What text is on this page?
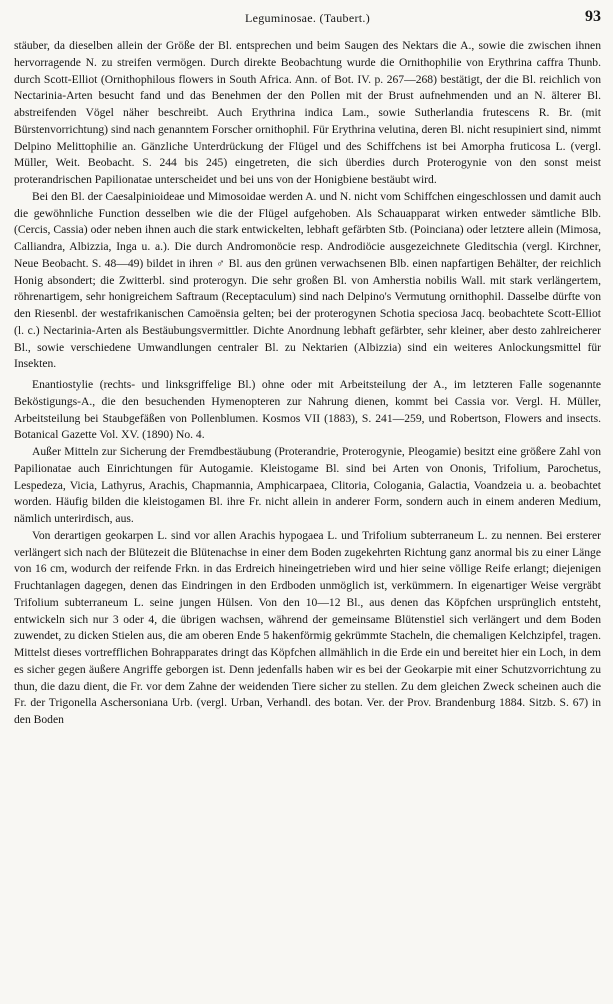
Leguminosae. (Taubert.)	93

stäuber, da dieselben allein der Größe der Bl. entsprechen und beim Saugen des Nektars die A., sowie die zwischen ihnen hervorragende N. zu streifen vermögen. Durch direkte Beobachtung wurde die Ornithophilie von Erythrina caffra Thunb. durch Scott-Elliot (Ornithophilous flowers in South Africa. Ann. of Bot. IV. p. 267—268) bestätigt, der die Bl. reichlich von Nectarinia-Arten besucht fand und das Benehmen der den Pollen mit der Brust aufnehmenden und an N. älterer Bl. abstreifenden Vögel näher beschreibt. Auch Erythrina indica Lam., sowie Sutherlandia frutescens R. Br. (mit Bürstenvorrichtung) sind nach genanntem Forscher ornithophil. Für Erythrina velutina, deren Bl. nicht resupiniert sind, nimmt Delpino Melittophilie an. Gänzliche Unterdrückung der Flügel und des Schiffchens ist bei Amorpha fruticosa L. (vergl. Müller, Weit. Beobacht. S. 244 bis 245) eingetreten, die sich überdies durch Proterogynie von den sonst meist proterandrischen Papilionatae unterscheidet und bei uns von der Honigbiene bestäubt wird.

Bei den Bl. der Caesalpinioideae und Mimosoidae werden A. und N. nicht vom Schiffchen eingeschlossen und damit auch die gewöhnliche Function desselben wie die der Flügel aufgehoben. Als Schauapparat wirken entweder sämtliche Blb. (Cercis, Cassia) oder neben ihnen auch die stark entwickelten, lebhaft gefärbten Stb. (Poinciana) oder letztere allein (Mimosa, Calliandra, Albizzia, Inga u. a.). Die durch Andromonöcie resp. Androdiöcie ausgezeichnete Gleditschia (vergl. Kirchner, Neue Beobacht. S. 48—49) bildet in ihren ♂ Bl. aus den grünen verwachsenen Blb. einen napfartigen Behälter, der reichlich Honig absondert; die Zwitterbl. sind proterogyn. Die sehr großen Bl. von Amherstia nobilis Wall. mit stark verlängertem, röhrenartigem, sehr honigreichem Saftraum (Receptaculum) sind nach Delpino's Vermutung ornithophil. Dasselbe dürfte von den Riesenbl. der westafrikanischen Camoënsia gelten; bei der proterogynen Schotia speciosa Jacq. beobachtete Scott-Elliot (l. c.) Nectarinia-Arten als Bestäubungsvermittler. Dichte Anordnung lebhaft gefärbter, sehr kleiner, aber desto zahlreicherer Bl., sowie verschiedene Umwandlungen centraler Bl. zu Nektarien (Albizzia) sind ein weiteres Anlockungsmittel für Insekten.

Enantiostylie (rechts- und linksgriffelige Bl.) ohne oder mit Arbeitsteilung der A., im letzteren Falle sogenannte Beköstigungs-A., die den besuchenden Hymenopteren zur Nahrung dienen, kommt bei Cassia vor. Vergl. H. Müller, Arbeitsteilung bei Staubgefäßen von Pollenblumen. Kosmos VII (1883), S. 241—259, und Robertson, Flowers and insects. Botanical Gazette Vol. XV. (1890) No. 4.

Außer Mitteln zur Sicherung der Fremdbestäubung (Proterandrie, Proterogynie, Pleogamie) besitzt eine größere Zahl von Papilionatae auch Einrichtungen für Autogamie. Kleistogame Bl. sind bei Arten von Ononis, Trifolium, Parochetus, Lespedeza, Vicia, Lathyrus, Arachis, Chapmannia, Amphicarpaea, Clitoria, Cologania, Galactia, Voandzeia u. a. beobachtet worden. Häufig bilden die kleistogamen Bl. ihre Fr. nicht allein in anderer Form, sondern auch in einem anderen Medium, nämlich unterirdisch, aus.

Von derartigen geokarpen L. sind vor allen Arachis hypogaea L. und Trifolium subterraneum L. zu nennen. Bei ersterer verlängert sich nach der Blütezeit die Blütenachse in einer dem Boden zugekehrten Richtung ganz anormal bis zu einer Länge von 16 cm, wodurch der reifende Frkn. in das Erdreich hineingetrieben wird und hier seine völlige Reife erlangt; diejenigen Fruchtanlagen dagegen, denen das Eindringen in den Erdboden unmöglich ist, verkümmern. In eigenartiger Weise vergräbt Trifolium subterraneum L. seine jungen Hülsen. Von den 10—12 Bl., aus denen das Köpfchen ursprünglich entsteht, entwickeln sich nur 3 oder 4, die übrigen wachsen, während der gemeinsame Blütenstiel sich verlängert und dem Boden zuwendet, zu dicken Stielen aus, die am oberen Ende 5 hakenförmig gekrümmte Stacheln, die chemaligen Kelchzipfel, tragen. Mittelst dieses vortrefflichen Bohrapparates dringt das Köpfchen allmählich in die Erde ein und bereitet hier ein Loch, in dem es sicher gegen äußere Angriffe geborgen ist. Denn jedenfalls haben wir es bei der Geokarpie mit einer Schutzvorrichtung zu thun, die dazu dient, die Fr. vor dem Zahne der weidenden Tiere sicher zu stellen. Zu dem gleichen Zweck scheinen auch die Fr. der Trigonella Aschersoniana Urb. (vergl. Urban, Verhandl. des botan. Ver. der Prov. Brandenburg 1884. Sitzb. S. 67) in den Boden
